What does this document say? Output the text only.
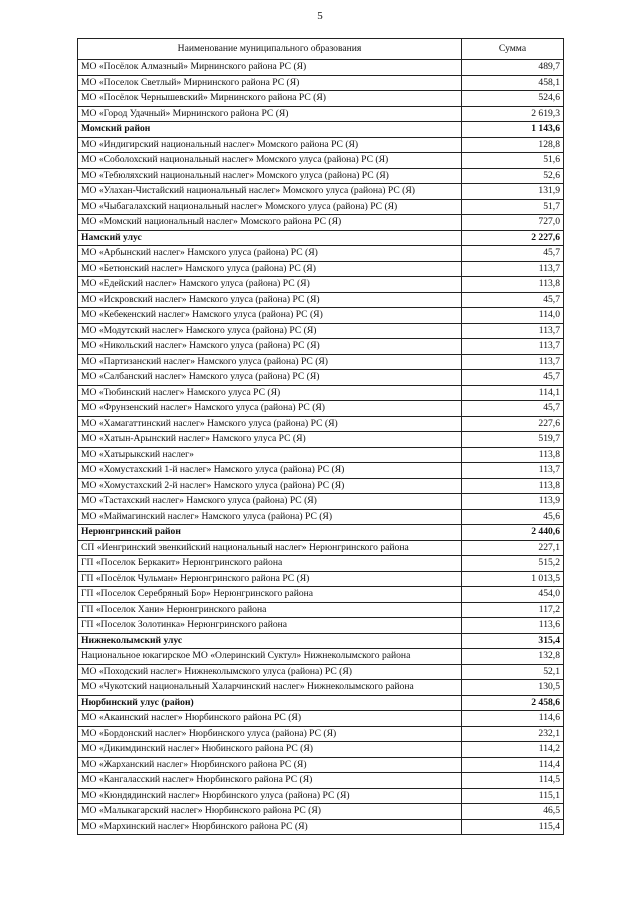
5
Наименование муниципального образования	Сумма
МО «Посёлок Алмазный» Мирнинского района РС (Я)	489,7
МО «Поселок Светлый» Мирнинского района РС (Я)	458,1
МО «Посёлок Чернышевский» Мирнинского района РС (Я)	524,6
МО «Город Удачный» Мирнинского района РС (Я)	2 619,3
Момский район	1 143,6
МО «Индигирский национальный наслег» Момского района РС (Я)	128,8
МО «Соболохский национальный наслег» Момского улуса (района) РС (Я)	51,6
МО «Тебюляхский национальный наслег» Момского улуса (района) РС (Я)	52,6
МО «Улахан-Чистайский национальный наслег» Момского улуса (района) РС (Я)	131,9
МО «Чыбагалахский национальный наслег» Момского улуса (района) РС (Я)	51,7
МО «Момский национальный наслег» Момского района РС (Я)	727,0
Намский улус	2 227,6
МО «Арбынский наслег» Намского улуса (района) РС (Я)	45,7
МО «Бетюнский наслег» Намского улуса (района) РС (Я)	113,7
МО «Едейский наслег» Намского улуса (района) РС (Я)	113,8
МО «Искровский наслег» Намского улуса (района) РС (Я)	45,7
МО «Кебекенский наслег» Намского улуса (района) РС (Я)	114,0
МО «Модутский наслег» Намского улуса (района) РС (Я)	113,7
МО «Никольский наслег» Намского улуса (района) РС (Я)	113,7
МО «Партизанский наслег» Намского улуса (района) РС (Я)	113,7
МО «Салбанский наслег» Намского улуса (района) РС (Я)	45,7
МО «Тюбинский наслег» Намского улуса РС (Я)	114,1
МО «Фрунзенский наслег» Намского улуса (района) РС (Я)	45,7
МО «Хамагаттинский наслег» Намского улуса (района) РС (Я)	227,6
МО «Хатын-Арынский наслег» Намского улуса РС (Я)	519,7
МО «Хатырыкский наслег»	113,8
МО «Хомустахский 1-й наслег» Намского улуса (района) РС (Я)	113,7
МО «Хомустахский 2-й наслег» Намского улуса (района) РС (Я)	113,8
МО «Тастахский наслег» Намского улуса (района) РС (Я)	113,9
МО «Маймагинский наслег» Намского улуса (района) РС (Я)	45,6
Нерюнгринский район	2 440,6
СП «Иенгринский эвенкийский национальный наслег» Нерюнгринского района	227,1
ГП «Поселок Беркакит» Нерюнгринского района	515,2
ГП «Посёлок Чульман» Нерюнгринского района РС (Я)	1 013,5
ГП «Поселок Серебряный Бор» Нерюнгринского района	454,0
ГП «Поселок Хани» Нерюнгринского района	117,2
ГП «Поселок Золотинка» Нерюнгринского района	113,6
Нижнеколымский улус	315,4
Национальное юкагирское МО «Олеринский Суктул» Нижнеколымского района	132,8
МО «Походский наслег» Нижнеколымского улуса (района) РС (Я)	52,1
МО «Чукотский национальный Халарчинский наслег» Нижнеколымского района	130,5
Нюрбинский улус (район)	2 458,6
МО «Акаинский наслег» Нюрбинского района РС (Я)	114,6
МО «Бордонский наслег» Нюрбинского улуса (района) РС (Я)	232,1
МО «Дикимдинский наслег» Нюбинского района РС (Я)	114,2
МО «Жарханский наслег» Нюрбинского района РС (Я)	114,4
МО «Кангаласский наслег» Нюрбинского района РС (Я)	114,5
МО «Кюндядинский наслег» Нюрбинского улуса (района) РС (Я)	115,1
МО «Малыкагарский наслег» Нюрбинского района РС (Я)	46,5
МО «Мархинский наслег» Нюрбинского района РС (Я)	115,4
